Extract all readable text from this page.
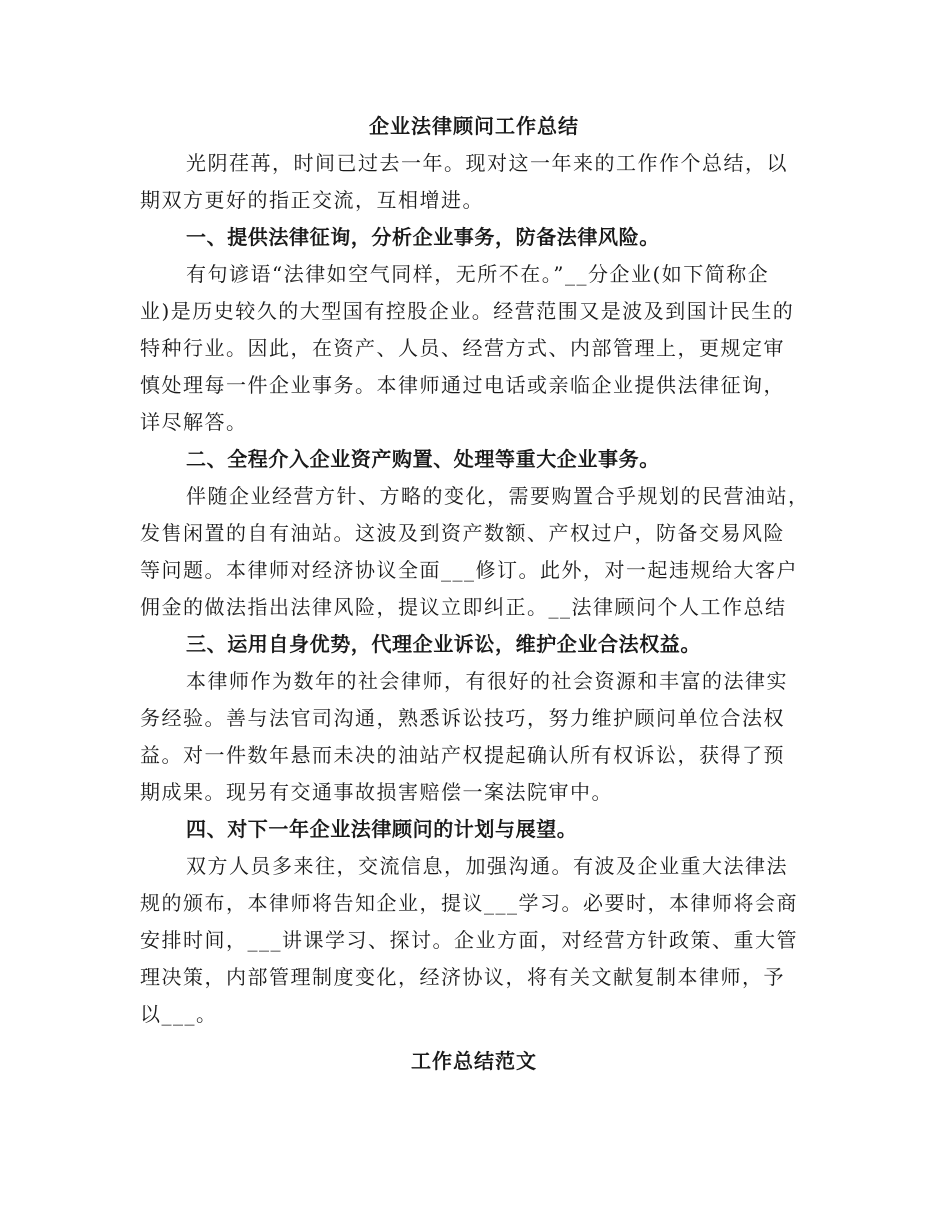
企业法律顾问工作总结
光阴荏苒，时间已过去一年。现对这一年来的工作作个总结，以
期双方更好的指正交流，互相增进。
一、提供法律征询，分析企业事务，防备法律风险。
有句谚语“法律如空气同样，无所不在。”__分企业(如下简称企
业)是历史较久的大型国有控股企业。经营范围又是波及到国计民生的
特种行业。因此，在资产、人员、经营方式、内部管理上，更规定审
慎处理每一件企业事务。本律师通过电话或亲临企业提供法律征询，
详尽解答。
二、全程介入企业资产购置、处理等重大企业事务。
伴随企业经营方针、方略的变化，需要购置合乎规划的民营油站，
发售闲置的自有油站。这波及到资产数额、产权过户，防备交易风险
等问题。本律师对经济协议全面___修订。此外，对一起违规给大客户
佣金的做法指出法律风险，提议立即纠正。__法律顾问个人工作总结
三、运用自身优势，代理企业诉讼，维护企业合法权益。
本律师作为数年的社会律师，有很好的社会资源和丰富的法律实
务经验。善与法官司沟通，熟悉诉讼技巧，努力维护顾问单位合法权
益。对一件数年悬而未决的油站产权提起确认所有权诉讼，获得了预
期成果。现另有交通事故损害赔偿一案法院审中。
四、对下一年企业法律顾问的计划与展望。
双方人员多来往，交流信息，加强沟通。有波及企业重大法律法
规的颁布，本律师将告知企业，提议___学习。必要时，本律师将会商
安排时间，___讲课学习、探讨。企业方面，对经营方针政策、重大管
理决策，内部管理制度变化，经济协议，将有关文献复制本律师，予
以___。
工作总结范文
